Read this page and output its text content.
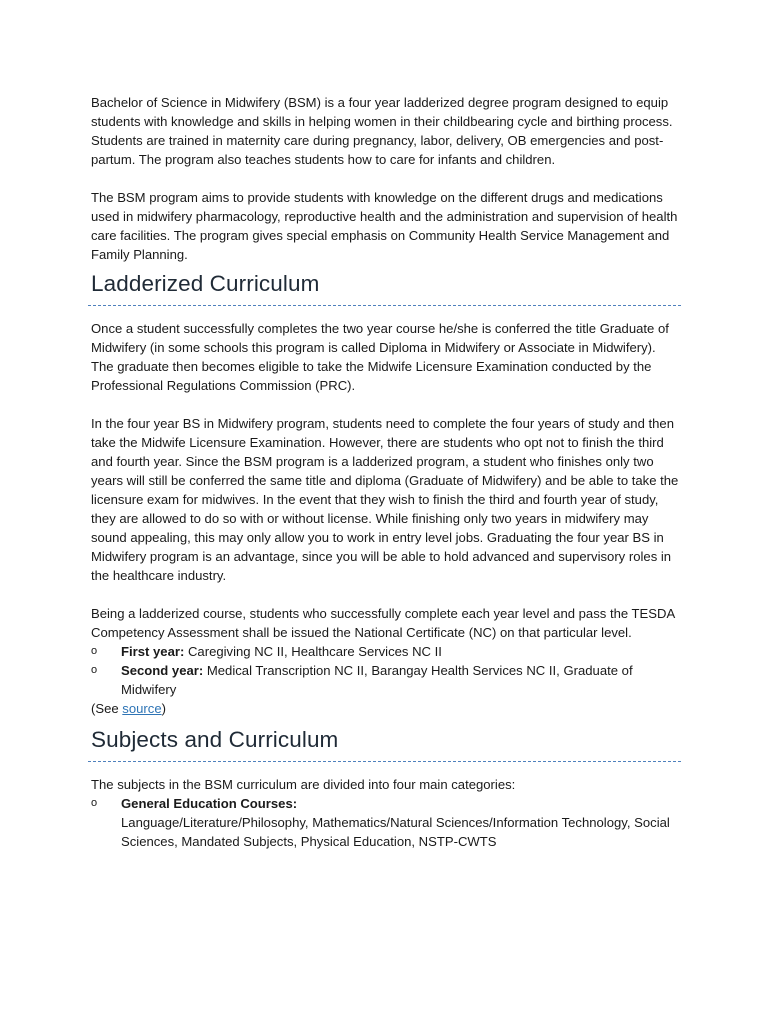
Bachelor of Science in Midwifery (BSM) is a four year ladderized degree program designed to equip students with knowledge and skills in helping women in their childbearing cycle and birthing process. Students are trained in maternity care during pregnancy, labor, delivery, OB emergencies and post-partum. The program also teaches students how to care for infants and children.

The BSM program aims to provide students with knowledge on the different drugs and medications used in midwifery pharmacology, reproductive health and the administration and supervision of health care facilities. The program gives special emphasis on Community Health Service Management and Family Planning.

Ladderized Curriculum

Once a student successfully completes the two year course he/she is conferred the title Graduate of Midwifery (in some schools this program is called Diploma in Midwifery or Associate in Midwifery). The graduate then becomes eligible to take the Midwife Licensure Examination conducted by the Professional Regulations Commission (PRC).

In the four year BS in Midwifery program, students need to complete the four years of study and then take the Midwife Licensure Examination. However, there are students who opt not to finish the third and fourth year. Since the BSM program is a ladderized program, a student who finishes only two years will still be conferred the same title and diploma (Graduate of Midwifery) and be able to take the licensure exam for midwives. In the event that they wish to finish the third and fourth year of study, they are allowed to do so with or without license. While finishing only two years in midwifery may sound appealing, this may only allow you to work in entry level jobs. Graduating the four year BS in Midwifery program is an advantage, since you will be able to hold advanced and supervisory roles in the healthcare industry.

Being a ladderized course, students who successfully complete each year level and pass the TESDA Competency Assessment shall be issued the National Certificate (NC) on that particular level.

o First year: Caregiving NC II, Healthcare Services NC II
o Second year: Medical Transcription NC II, Barangay Health Services NC II, Graduate of Midwifery

(See source)

Subjects and Curriculum

The subjects in the BSM curriculum are divided into four main categories:

o General Education Courses:
Language/Literature/Philosophy, Mathematics/Natural Sciences/Information Technology, Social Sciences, Mandated Subjects, Physical Education, NSTP-CWTS
